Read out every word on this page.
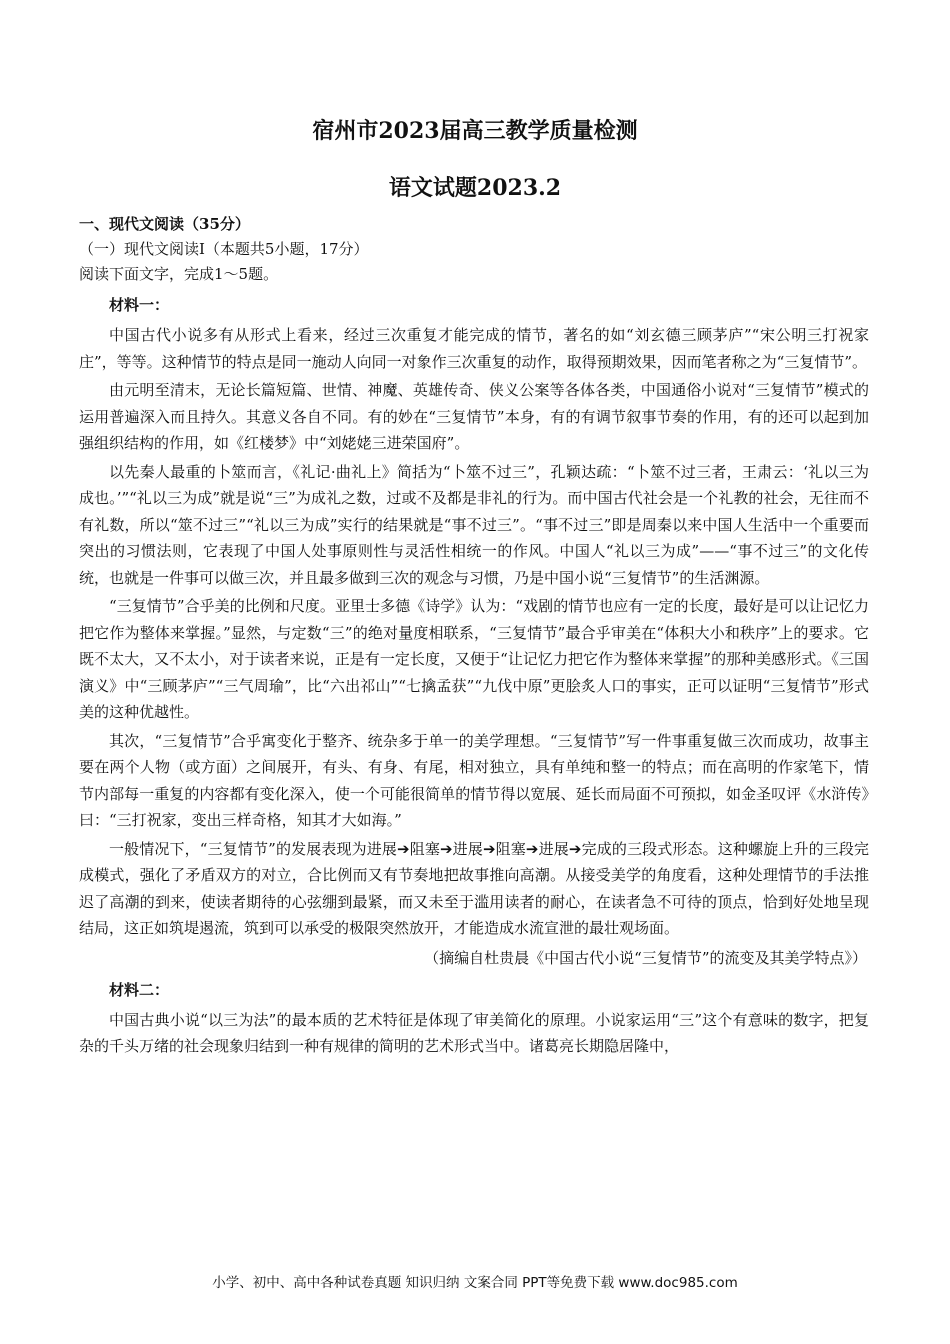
宿州市2023届高三教学质量检测
语文试题2023.2
一、现代文阅读（35分）
（一）现代文阅读Ⅰ（本题共5小题，17分）
阅读下面文字，完成1～5题。
材料一：
中国古代小说多有从形式上看来，经过三次重复才能完成的情节，著名的如“刘玄德三顾茅庐”“宋公明三打祝家庄”，等等。这种情节的特点是同一施动人向同一对象作三次重复的动作，取得预期效果，因而笔者称之为“三复情节”。
由元明至清末，无论长篇短篇、世情、神魔、英雄传奇、侠义公案等各体各类，中国通俗小说对“三复情节”模式的运用普遍深入而且持久。其意义各自不同。有的妙在“三复情节”本身，有的有调节叙事节奏的作用，有的还可以起到加强组织结构的作用，如《红楼梦》中“刘姥姥三进荣国府”。
以先秦人最重的卜筮而言，《礼记·曲礼上》简括为“卜筮不过三”，孔颖达疏：“卜筮不过三者，王肃云：‘礼以三为成也。’”“礼以三为成”就是说“三”为成礼之数，过或不及都是非礼的行为。而中国古代社会是一个礼教的社会，无往而不有礼数，所以“筮不过三”“礼以三为成”实行的结果就是“事不过三”。“事不过三”即是周秦以来中国人生活中一个重要而突出的习惯法则，它表现了中国人处事原则性与灵活性相统一的作风。中国人“礼以三为成”——“事不过三”的文化传统，也就是一件事可以做三次，并且最多做到三次的观念与习惯，乃是中国小说“三复情节”的生活渊源。
“三复情节”合乎美的比例和尺度。亚里士多德《诗学》认为：“戏剧的情节也应有一定的长度，最好是可以让记忆力把它作为整体来掌握。”显然，与定数“三”的绝对量度相联系，“三复情节”最合乎审美在“体积大小和秩序”上的要求。它既不太大，又不太小，对于读者来说，正是有一定长度，又便于“让记忆力把它作为整体来掌握”的那种美感形式。《三国演义》中“三顾茅庐”“三气周瑜”，比“六出祁山”“七擒孟获”“九伐中原”更脍炙人口的事实，正可以证明“三复情节”形式美的这种优越性。
其次，“三复情节”合乎寓变化于整齐、统杂多于单一的美学理想。“三复情节”写一件事重复做三次而成功，故事主要在两个人物（或方面）之间展开，有头、有身、有尾，相对独立，具有单纯和整一的特点；而在高明的作家笔下，情节内部每一重复的内容都有变化深入，使一个可能很简单的情节得以宽展、延长而局面不可预拟，如金圣叹评《水浒传》曰：“三打祝家，变出三样奇格，知其才大如海。”
一般情况下，“三复情节”的发展表现为进展➔阻塞➔进展➔阻塞➔进展➔完成的三段式形态。这种螺旋上升的三段完成模式，强化了矛盾双方的对立，合比例而又有节奏地把故事推向高潮。从接受美学的角度看，这种处理情节的手法推迟了高潮的到来，使读者期待的心弦绷到最紧，而又未至于滥用读者的耐心，在读者急不可待的顶点，恰到好处地呈现结局，这正如筑堤遏流，筑到可以承受的极限突然放开，才能造成水流宣泄的最壮观场面。
（摘编自杜贵晨《中国古代小说“三复情节”的流变及其美学特点》）
材料二：
中国古典小说“以三为法”的最本质的艺术特征是体现了审美简化的原理。小说家运用“三”这个有意味的数字，把复杂的千头万绪的社会现象归结到一种有规律的简明的艺术形式当中。诸葛亮长期隐居隆中，
小学、初中、高中各种试卷真题 知识归纳 文案合同 PPT等免费下载 www.doc985.com
